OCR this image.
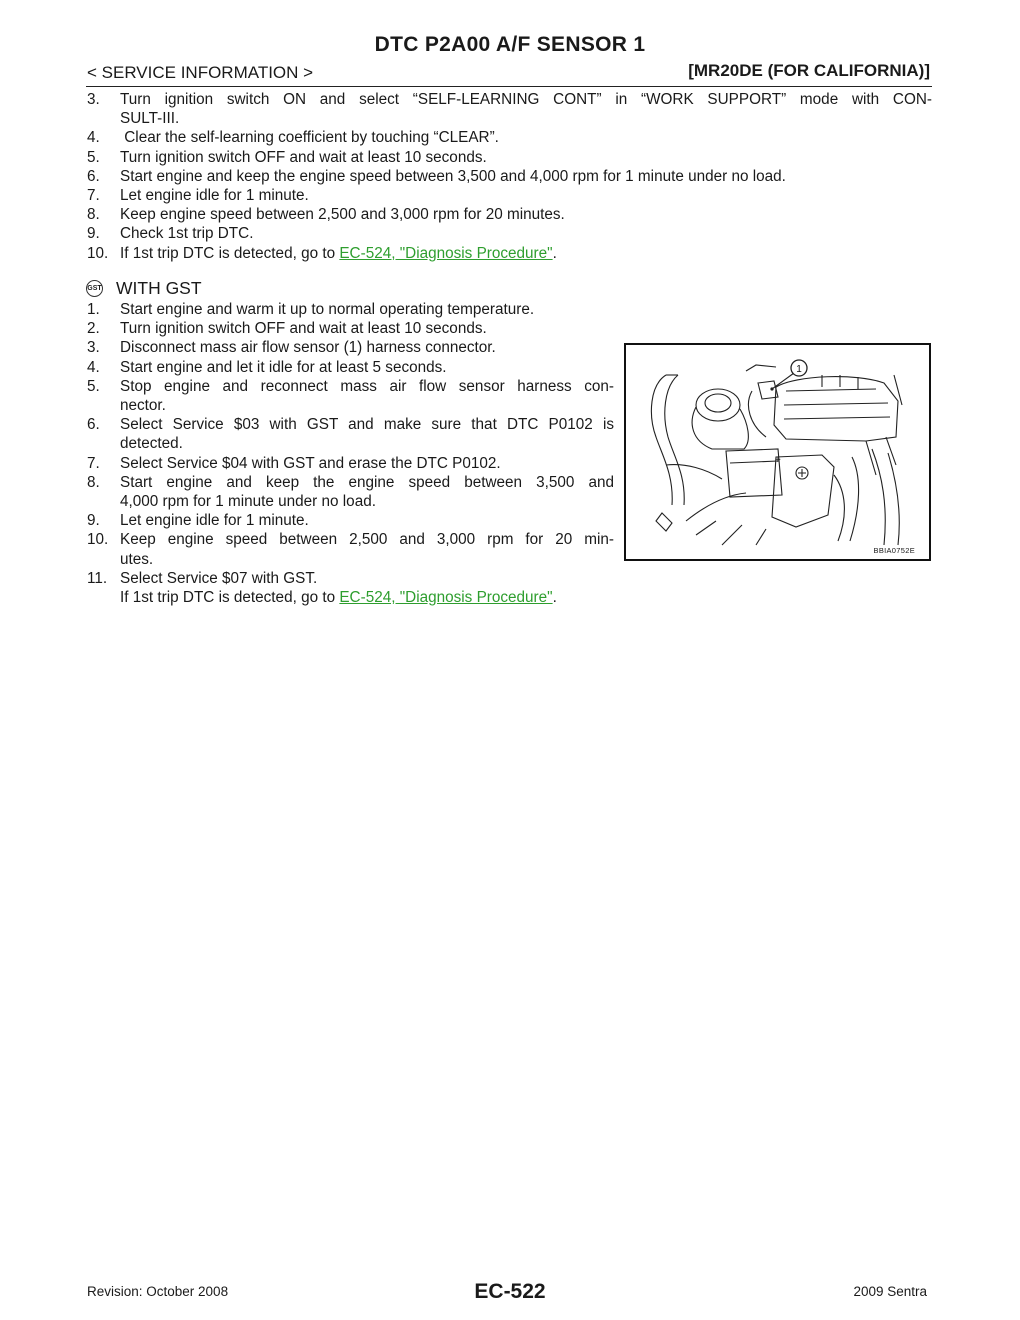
DTC P2A00 A/F SENSOR 1
< SERVICE INFORMATION >	[MR20DE (FOR CALIFORNIA)]
3. Turn ignition switch ON and select “SELF-LEARNING CONT” in “WORK SUPPORT” mode with CON-
SULT-III.
4. Clear the self-learning coefficient by touching “CLEAR”.
5. Turn ignition switch OFF and wait at least 10 seconds.
6. Start engine and keep the engine speed between 3,500 and 4,000 rpm for 1 minute under no load.
7. Let engine idle for 1 minute.
8. Keep engine speed between 2,500 and 3,000 rpm for 20 minutes.
9. Check 1st trip DTC.
10. If 1st trip DTC is detected, go to EC-524, "Diagnosis Procedure".
GST WITH GST
1. Start engine and warm it up to normal operating temperature.
2. Turn ignition switch OFF and wait at least 10 seconds.
3. Disconnect mass air flow sensor (1) harness connector.
4. Start engine and let it idle for at least 5 seconds.
5. Stop engine and reconnect mass air flow sensor harness con-
nector.
6. Select Service $03 with GST and make sure that DTC P0102 is
detected.
7. Select Service $04 with GST and erase the DTC P0102.
8. Start engine and keep the engine speed between 3,500 and
4,000 rpm for 1 minute under no load.
9. Let engine idle for 1 minute.
10. Keep engine speed between 2,500 and 3,000 rpm for 20 min-
utes.
11. Select Service $07 with GST.
If 1st trip DTC is detected, go to EC-524, "Diagnosis Procedure".
1
+
BBIA0752E
Revision: October 2008	EC-522	2009 Sentra
